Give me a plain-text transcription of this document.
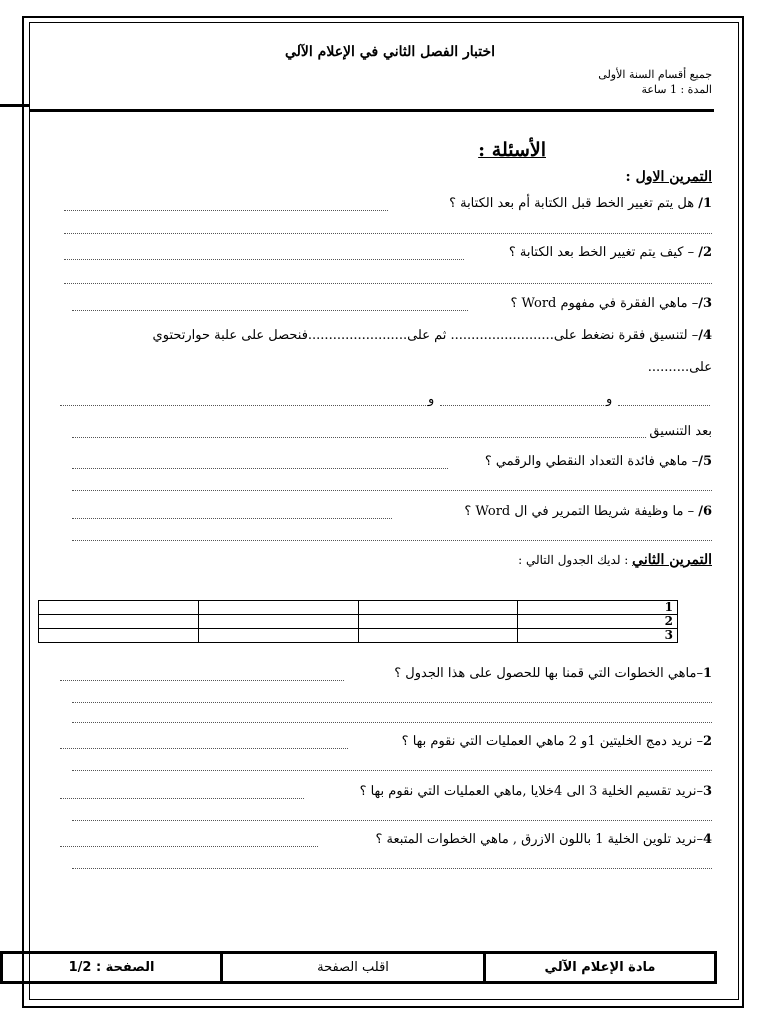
اختبار الفصل الثاني في الإعلام الآلي
جميع أقسام السنة الأولى
المدة : 1 ساعة
الأسئلة :
التمرين الاول :
1/ هل يتم تغيير الخط قبل الكتابة أم بعد الكتابة ؟
2/ – كيف يتم تغيير الخط بعد الكتابة ؟
3/– ماهي الفقرة في مفهوم Word ؟
4/– لتنسيق فقرة نضغط على......................... ثم على........................فنحصل على علبة حوارتحتوي
على..........
و	و
بعد التنسيق
5/– ماهي فائدة التعداد النقطي والرقمي ؟
6/ – ما وظيفة شريطا التمرير في ال Word ؟
التمرين الثاني : لديك الجدول التالي :
			1
			2
			3
1–ماهي الخطوات التي قمنا بها للحصول على هذا الجدول ؟
2– نريد دمج الخليتين 1و 2 ماهي العمليات التي نقوم بها ؟
3–نريد تقسيم الخلية 3 الى 4خلايا ,ماهي العمليات التي نقوم بها ؟
4–نريد تلوين الخلية 1 باللون الازرق , ماهي الخطوات المتبعة ؟
الصفحة : 1/2	اقلب الصفحة	مادة الإعلام الآلي
